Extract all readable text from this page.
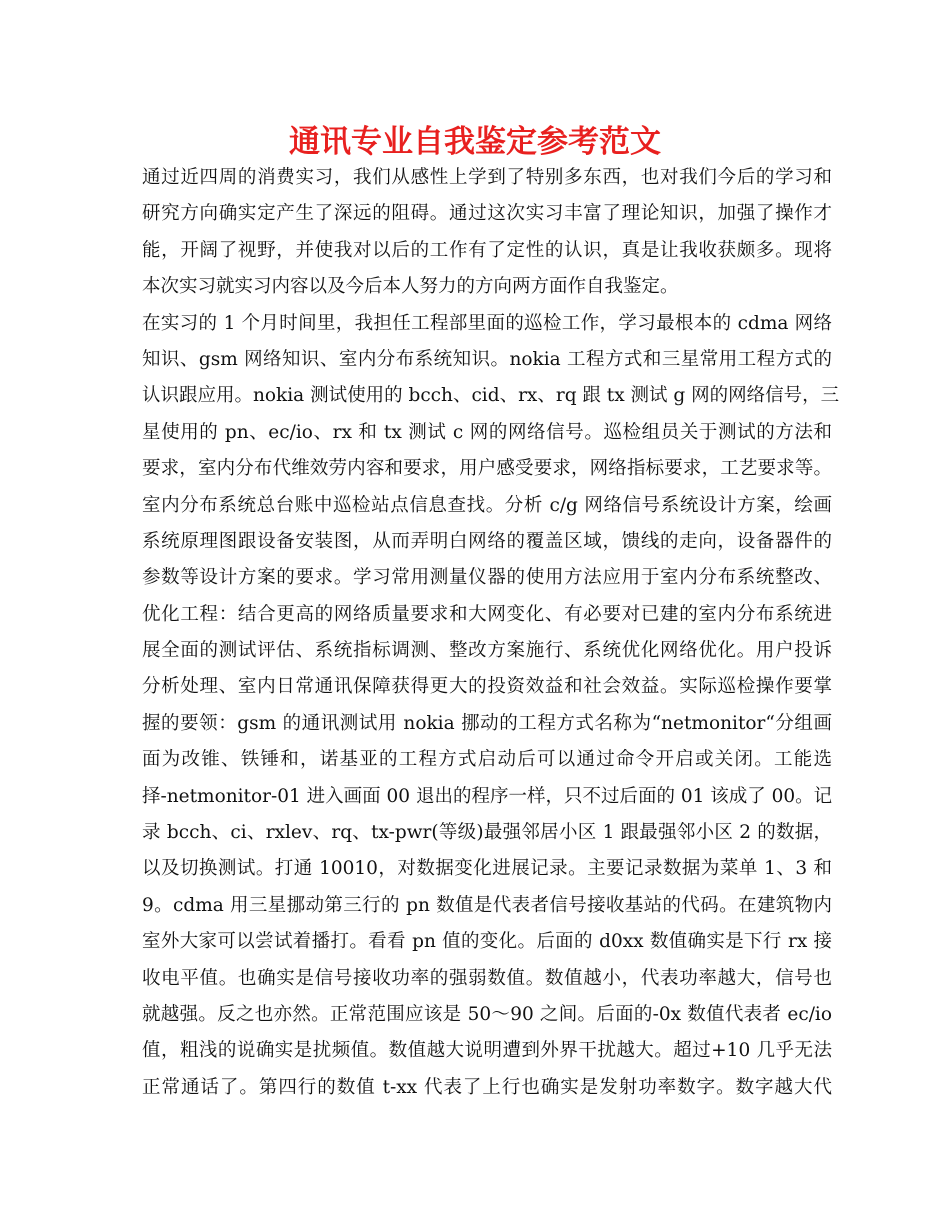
通讯专业自我鉴定参考范文
通过近四周的消费实习，我们从感性上学到了特别多东西，也对我们今后的学习和
研究方向确实定产生了深远的阻碍。通过这次实习丰富了理论知识，加强了操作才
能，开阔了视野，并使我对以后的工作有了定性的认识，真是让我收获颇多。现将
本次实习就实习内容以及今后本人努力的方向两方面作自我鉴定。
在实习的 1 个月时间里，我担任工程部里面的巡检工作，学习最根本的 cdma 网络
知识、gsm 网络知识、室内分布系统知识。nokia 工程方式和三星常用工程方式的
认识跟应用。nokia 测试使用的 bcch、cid、rx、rq 跟 tx 测试 g 网的网络信号，三
星使用的 pn、ec/io、rx 和 tx 测试 c 网的网络信号。巡检组员关于测试的方法和
要求，室内分布代维效劳内容和要求，用户感受要求，网络指标要求，工艺要求等。
室内分布系统总台账中巡检站点信息查找。分析 c/g 网络信号系统设计方案，绘画
系统原理图跟设备安装图，从而弄明白网络的覆盖区域，馈线的走向，设备器件的
参数等设计方案的要求。学习常用测量仪器的使用方法应用于室内分布系统整改、
优化工程：结合更高的网络质量要求和大网变化、有必要对已建的室内分布系统进
展全面的测试评估、系统指标调测、整改方案施行、系统优化网络优化。用户投诉
分析处理、室内日常通讯保障获得更大的投资效益和社会效益。实际巡检操作要掌
握的要领：gsm 的通讯测试用 nokia 挪动的工程方式名称为“netmonitor“分组画
面为改锥、铁锤和，诺基亚的工程方式启动后可以通过命令开启或关闭。工能选
择-netmonitor-01 进入画面 00 退出的程序一样，只不过后面的 01 该成了 00。记
录 bcch、ci、rxlev、rq、tx-pwr(等级)最强邻居小区 1 跟最强邻小区 2 的数据，
以及切换测试。打通 10010，对数据变化进展记录。主要记录数据为菜单 1、3 和
9。cdma 用三星挪动第三行的 pn 数值是代表者信号接收基站的代码。在建筑物内
室外大家可以尝试着播打。看看 pn 值的变化。后面的 d0xx 数值确实是下行 rx 接
收电平值。也确实是信号接收功率的强弱数值。数值越小，代表功率越大，信号也
就越强。反之也亦然。正常范围应该是 50～90 之间。后面的-0x 数值代表者 ec/io
值，粗浅的说确实是扰频值。数值越大说明遭到外界干扰越大。超过+10 几乎无法
正常通话了。第四行的数值 t-xx 代表了上行也确实是发射功率数字。数字越大代
